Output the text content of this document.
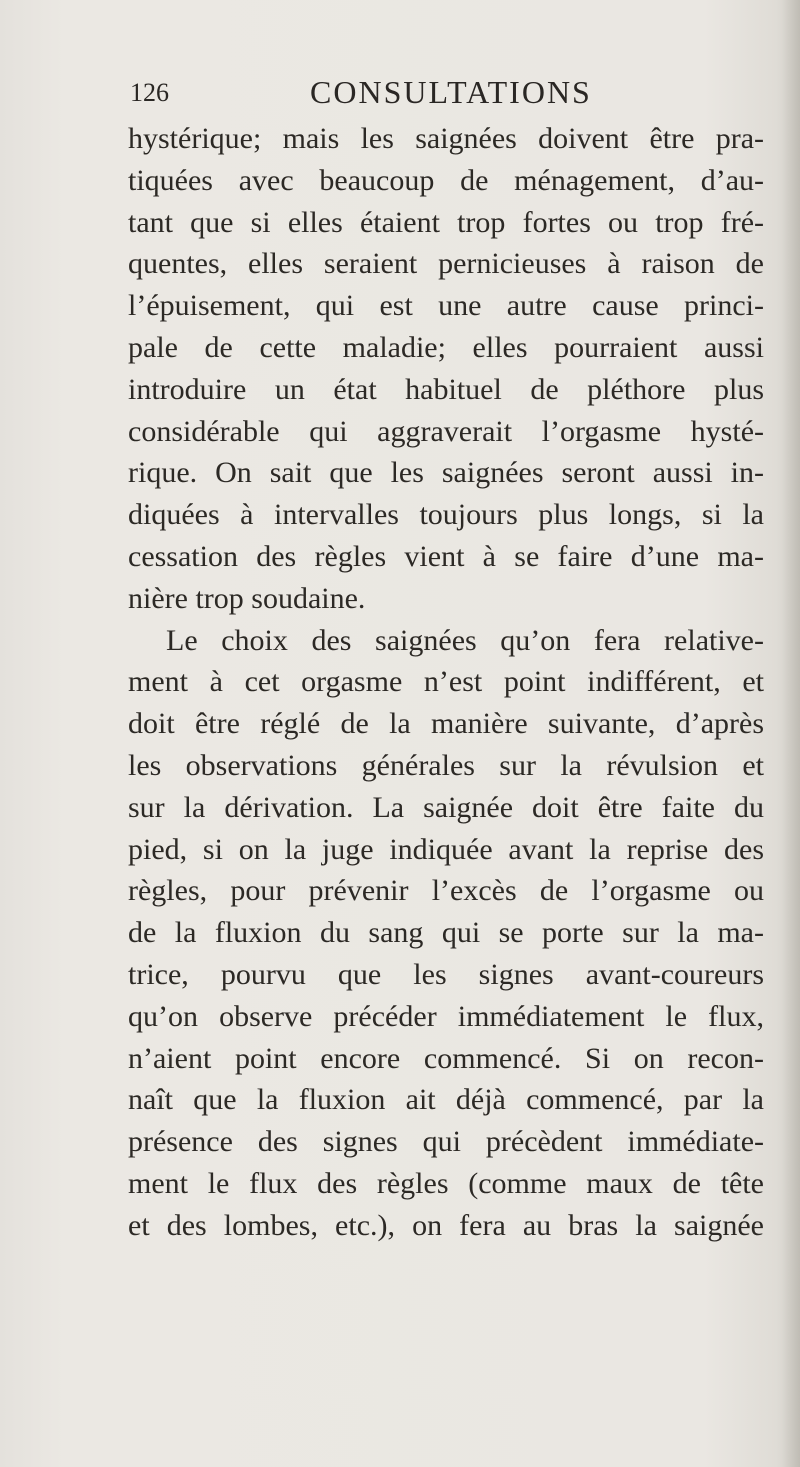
126	CONSULTATIONS
hystérique; mais les saignées doivent être pra-
tiquées avec beaucoup de ménagement, d’au-
tant que si elles étaient trop fortes ou trop fré-
quentes, elles seraient pernicieuses à raison de
l’épuisement, qui est une autre cause princi-
pale de cette maladie; elles pourraient aussi
introduire un état habituel de pléthore plus
considérable qui aggraverait l’orgasme hysté-
rique. On sait que les saignées seront aussi in-
diquées à intervalles toujours plus longs, si la
cessation des règles vient à se faire d’une ma-
nière trop soudaine.
Le choix des saignées qu’on fera relative-
ment à cet orgasme n’est point indifférent, et
doit être réglé de la manière suivante, d’après
les observations générales sur la révulsion et
sur la dérivation. La saignée doit être faite du
pied, si on la juge indiquée avant la reprise des
règles, pour prévenir l’excès de l’orgasme ou
de la fluxion du sang qui se porte sur la ma-
trice, pourvu que les signes avant-coureurs
qu’on observe précéder immédiatement le flux,
n’aient point encore commencé. Si on recon-
naît que la fluxion ait déjà commencé, par la
présence des signes qui précèdent immédiate-
ment le flux des règles (comme maux de tête
et des lombes, etc.), on fera au bras la saignée
